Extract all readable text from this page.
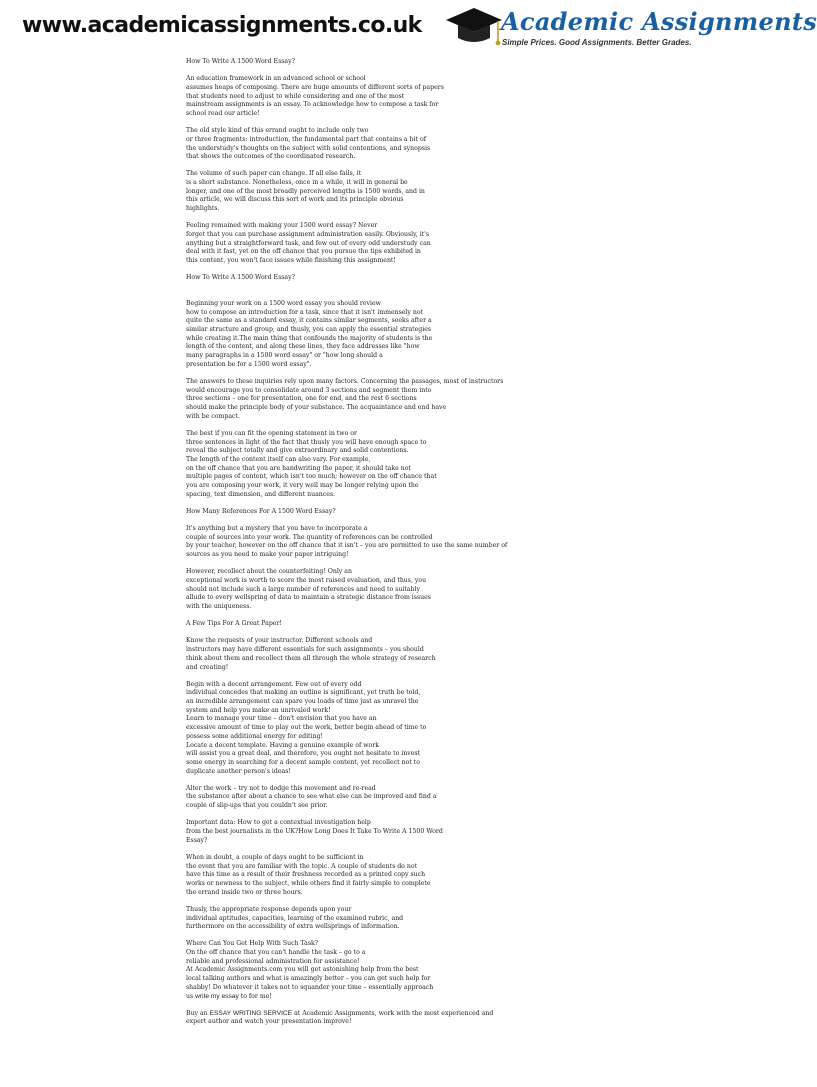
www.academicassignments.co.uk	Academic Assignments
Simple Prices. Good Assignments. Better Grades.
How To Write A 1500 Word Essay?
An education framework in an advanced school or school
assumes heaps of composing. There are huge amounts of different sorts of papers
that students need to adjust to while considering and one of the most
mainstream assignments is an essay. To acknowledge how to compose a task for
school read our article!
The old style kind of this errand ought to include only two
or three fragments: introduction, the fundamental part that contains a bit of
the understudy's thoughts on the subject with solid contentions, and synopsis
that shows the outcomes of the coordinated research.
The volume of such paper can change. If all else fails, it
is a short substance. Nonetheless, once in a while, it will in general be
longer, and one of the most broadly perceived lengths is 1500 words, and in
this article, we will discuss this sort of work and its principle obvious
highlights.
Feeling remained with making your 1500 word essay? Never
forget that you can purchase assignment administration easily. Obviously, it's
anything but a straightforward task, and few out of every odd understudy can
deal with it fast, yet on the off chance that you pursue the tips exhibited in
this content, you won't face issues while finishing this assignment!
How To Write A 1500 Word Essay?
Beginning your work on a 1500 word essay you should review
how to compose an introduction for a task, since that it isn't immensely not
quite the same as a standard essay, it contains similar segments, seeks after a
similar structure and group, and thusly, you can apply the essential strategies
while creating it.The main thing that confounds the majority of students is the
length of the content, and along these lines, they face addresses like "how
many paragraphs in a 1500 word essay" or "how long should a
presentation be for a 1500 word essay".
The answers to these inquiries rely upon many factors. Concerning the passages, most of instructors
would encourage you to consolidate around 3 sections and segment them into
three sections – one for presentation, one for end, and the rest 6 sections
should make the principle body of your substance. The acquaintance and end have
with be compact.
The best if you can fit the opening statement in two or
three sentences in light of the fact that thusly you will have enough space to
reveal the subject totally and give extraordinary and solid contentions.
The length of the content itself can also vary. For example,
on the off chance that you are handwriting the paper, it should take not
multiple pages of content, which isn't too much; however on the off chance that
you are composing your work, it very well may be longer relying upon the
spacing, text dimension, and different nuances.
How Many References For A 1500 Word Essay?
It's anything but a mystery that you have to incorporate a
couple of sources into your work. The quantity of references can be controlled
by your teacher, however on the off chance that it isn't – you are permitted to use the same number of
sources as you need to make your paper intriguing!
However, recollect about the counterfeiting! Only an
exceptional work is worth to score the most raised evaluation, and thus, you
should not include such a large number of references and need to suitably
allude to every wellspring of data to maintain a strategic distance from issues
with the uniqueness.
A Few Tips For A Great Paper!
Know the requests of your instructor. Different schools and
instructors may have different essentials for such assignments – you should
think about them and recollect them all through the whole strategy of research
and creating!
Begin with a decent arrangement. Few out of every odd
individual concedes that making an outline is significant, yet truth be told,
an incredible arrangement can spare you loads of time just as unravel the
system and help you make an unrivaled work!
Learn to manage your time – don't envision that you have an
excessive amount of time to play out the work, better begin ahead of time to
possess some additional energy for editing!
Locate a decent template. Having a genuine example of work
will assist you a great deal, and therefore, you ought not hesitate to invest
some energy in searching for a decent sample content, yet recollect not to
duplicate another person's ideas!
Alter the work – try not to dodge this movement and re-read
the substance after about a chance to see what else can be improved and find a
couple of slip-ups that you couldn't see prior.
Important data: How to get a contextual investigation help
from the best journalists in the UK?How Long Does It Take To Write A 1500 Word
Essay?
When in doubt, a couple of days ought to be sufficient in
the event that you are familiar with the topic. A couple of students do not
have this time as a result of their freshness recorded as a printed copy such
works or newness to the subject, while others find it fairly simple to complete
the errand inside two or three hours.
Thusly, the appropriate response depends upon your
individual aptitudes, capacities, learning of the examined rubric, and
furthermore on the accessibility of extra wellsprings of information.
Where Can You Get Help With Such Task?
On the off chance that you can't handle the task – go to a
reliable and professional administration for assistance!
At Academic Assignments.com you will get astonishing help from the best
local talking authors and what is amazingly better – you can get such help for
shabby! Do whatever it takes not to squander your time – essentially approach
us write my essay to for me!
Buy an ESSAY WRITING SERVICE at Academic Assignments, work with the most experienced and
expert author and watch your presentation improve!
